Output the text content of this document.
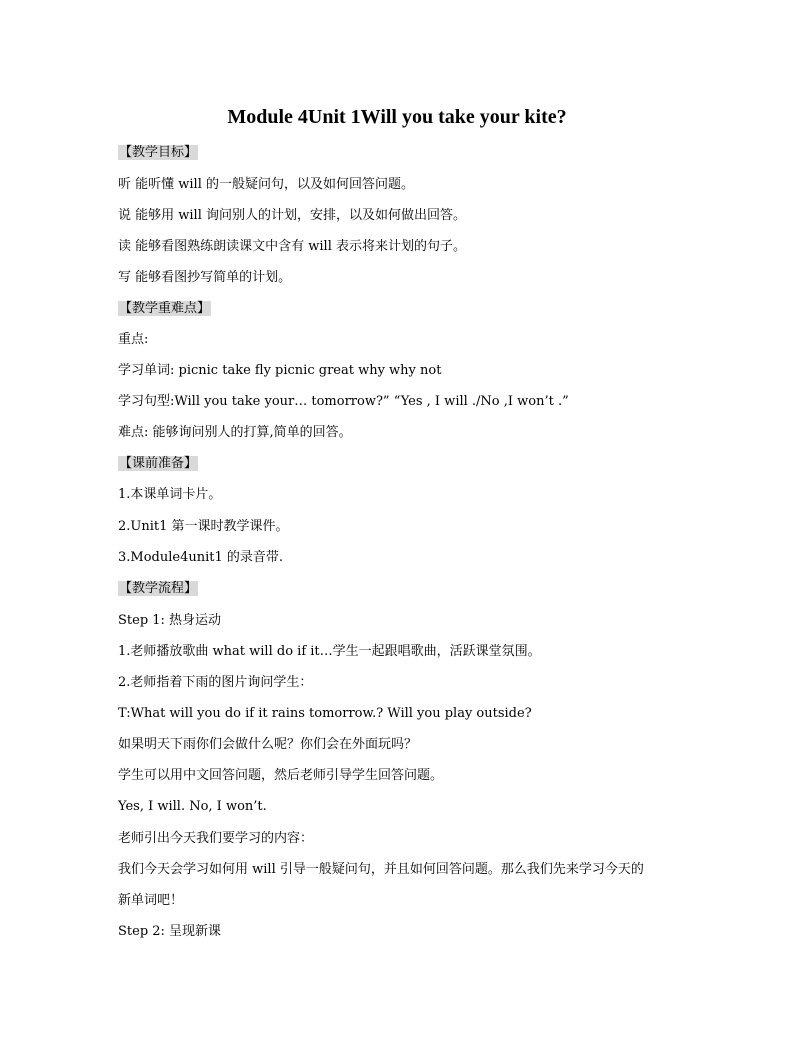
Module 4Unit 1Will you take your kite?
【教学目标】
听 能听懂 will 的一般疑问句，以及如何回答问题。
说 能够用 will 询问别人的计划，安排，以及如何做出回答。
读 能够看图熟练朗读课文中含有 will 表示将来计划的句子。
写 能够看图抄写简单的计划。
【教学重难点】
重点:
学习单词: picnic take fly picnic great why why not
学习句型:Will you take your… tomorrow?” “Yes , I will ./No ,I won’t .”
难点: 能够询问别人的打算,简单的回答。
【课前准备】
1.本课单词卡片。
2.Unit1 第一课时教学课件。
3.Module4unit1 的录音带.
【教学流程】
Step 1: 热身运动
1.老师播放歌曲 what will do if it…学生一起跟唱歌曲，活跃课堂氛围。
2.老师指着下雨的图片询问学生：
T:What will you do if it rains tomorrow.? Will you play outside?
如果明天下雨你们会做什么呢？你们会在外面玩吗？
学生可以用中文回答问题，然后老师引导学生回答问题。
Yes, I will. No, I won’t.
老师引出今天我们要学习的内容：
我们今天会学习如何用 will 引导一般疑问句，并且如何回答问题。那么我们先来学习今天的
新单词吧！
Step 2: 呈现新课
